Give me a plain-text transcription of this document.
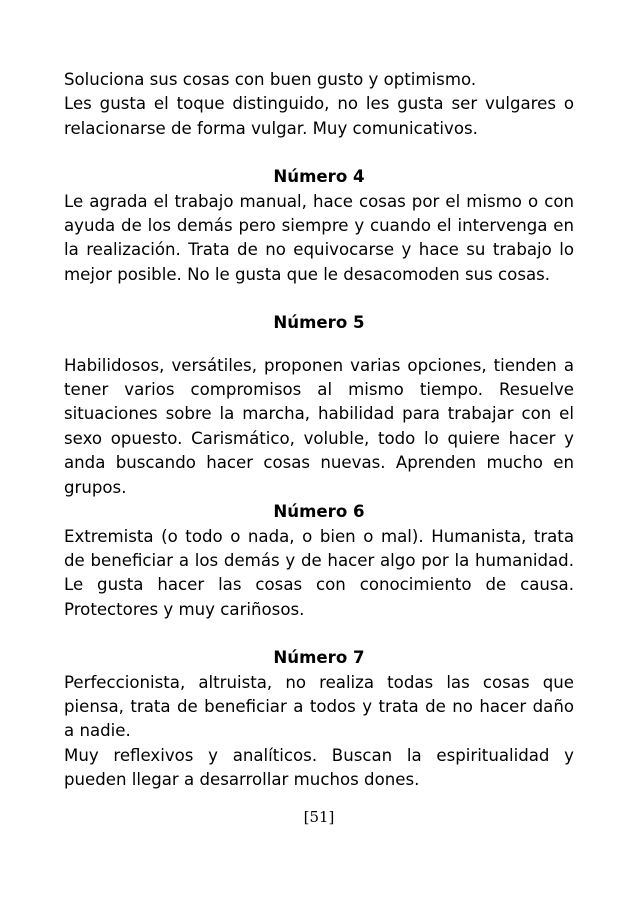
Soluciona sus cosas con buen gusto y optimismo.

Les gusta el toque distinguido, no les gusta ser vulgares o relacionarse de forma vulgar. Muy comunicativos.

Número 4

Le agrada el trabajo manual, hace cosas por el mismo o con ayuda de los demás pero siempre y cuando el intervenga en la realización. Trata de no equivocarse y hace su trabajo lo mejor posible. No le gusta que le desacomoden sus cosas.

Número 5

Habilidosos, versátiles, proponen varias opciones, tienden a tener varios compromisos al mismo tiempo. Resuelve situaciones sobre la marcha, habilidad para trabajar con el sexo opuesto. Carismático, voluble, todo lo quiere hacer y anda buscando hacer cosas nuevas. Aprenden mucho en grupos.

Número 6

Extremista (o todo o nada, o bien o mal). Humanista, trata de beneficiar a los demás y de hacer algo por la humanidad. Le gusta hacer las cosas con conocimiento de causa. Protectores y muy cariñosos.

Número 7

Perfeccionista, altruista, no realiza todas las cosas que piensa, trata de beneficiar a todos y trata de no hacer daño a nadie.

Muy reflexivos y analíticos. Buscan la espiritualidad y pueden llegar a desarrollar muchos dones.

[51]
